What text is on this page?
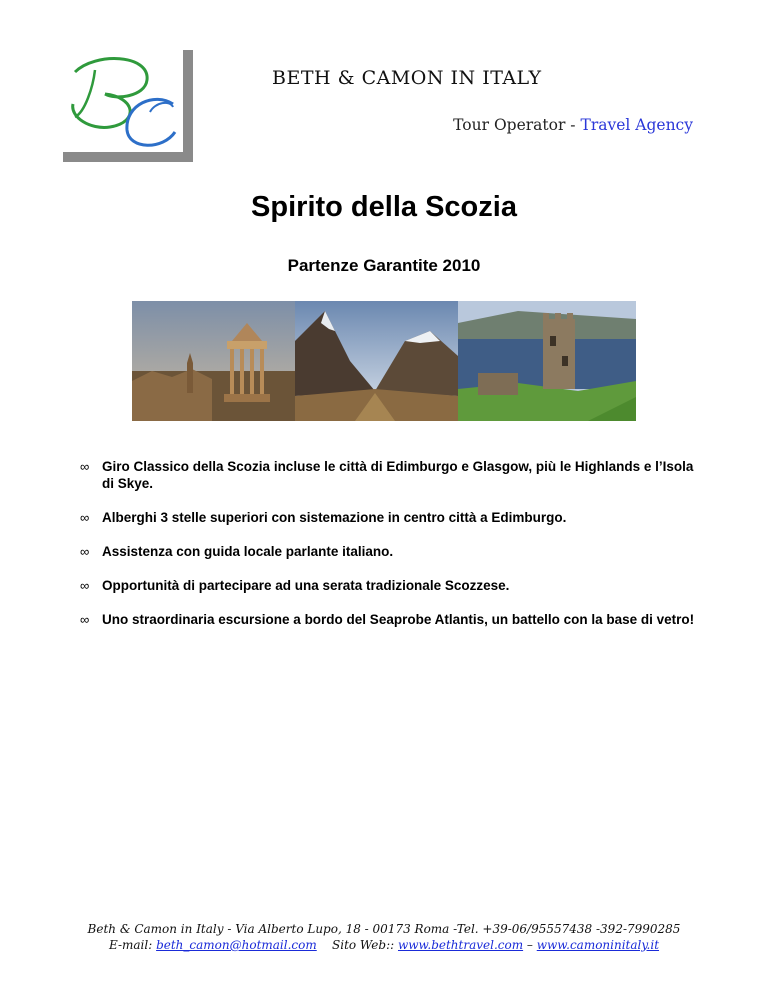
BETH & CAMON IN ITALY
Tour Operator - Travel Agency
Spirito della Scozia
Partenze Garantite 2010
∞ Giro Classico della Scozia incluse le città di Edimburgo e Glasgow, più le Highlands e l’Isola di Skye.
∞ Alberghi 3 stelle superiori con sistemazione in centro città a Edimburgo.
∞ Assistenza con guida locale parlante italiano.
∞ Opportunità di partecipare ad una serata tradizionale Scozzese.
∞ Uno straordinaria escursione a bordo del Seaprobe Atlantis, un battello con la base di vetro!
Beth & Camon in Italy - Via Alberto Lupo, 18 - 00173 Roma -Tel. +39-06/95557438 -392-7990285
E-mail: beth_camon@hotmail.com Sito Web:: www.bethtravel.com – www.camoninitaly.it
